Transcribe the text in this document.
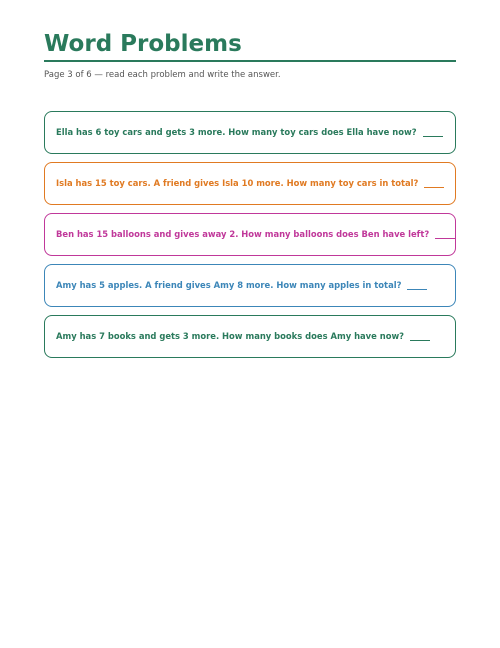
Word Problems
Page 3 of 6 — read each problem and write the answer.
Ella has 6 toy cars and gets 3 more. How many toy cars does Ella have now?
Isla has 15 toy cars. A friend gives Isla 10 more. How many toy cars in total?
Ben has 15 balloons and gives away 2. How many balloons does Ben have left?
Amy has 5 apples. A friend gives Amy 8 more. How many apples in total?
Amy has 7 books and gets 3 more. How many books does Amy have now?
